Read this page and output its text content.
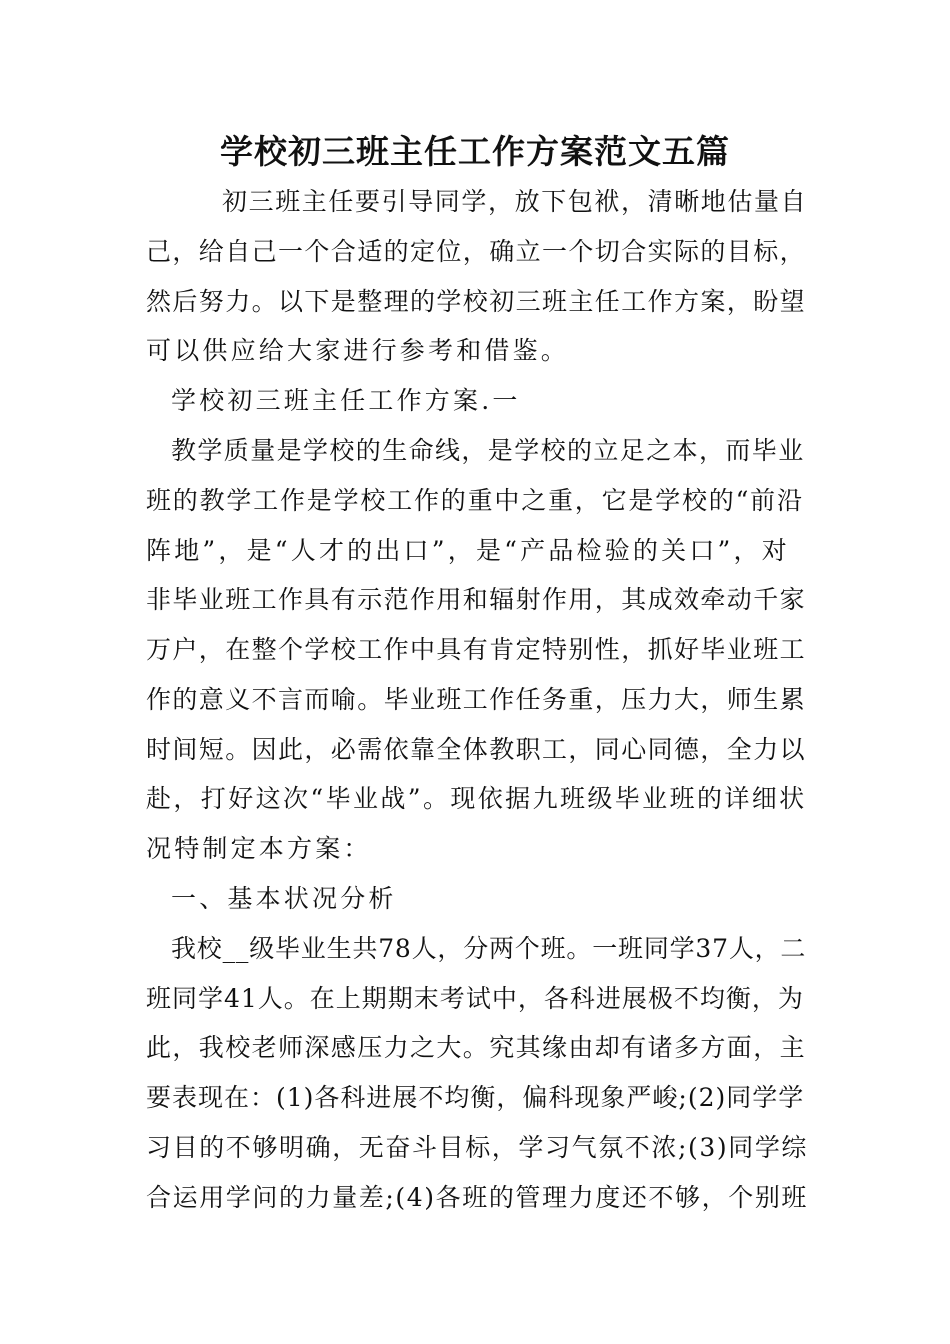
学校初三班主任工作方案范文五篇
初三班主任要引导同学，放下包袱，清晰地估量自
己，给自己一个合适的定位，确立一个切合实际的目标，
然后努力。以下是整理的学校初三班主任工作方案，盼望
可以供应给大家进行参考和借鉴。
学校初三班主任工作方案.一
教学质量是学校的生命线，是学校的立足之本，而毕业
班的教学工作是学校工作的重中之重，它是学校的“前沿
阵地”，是“人才的出口”，是“产品检验的关口”，对
非毕业班工作具有示范作用和辐射作用，其成效牵动千家
万户，在整个学校工作中具有肯定特别性，抓好毕业班工
作的意义不言而喻。毕业班工作任务重，压力大，师生累
时间短。因此，必需依靠全体教职工，同心同德，全力以
赴，打好这次“毕业战”。现依据九班级毕业班的详细状
况特制定本方案：
一、基本状况分析
我校__级毕业生共78人，分两个班。一班同学37人，二
班同学41人。在上期期末考试中，各科进展极不均衡，为
此，我校老师深感压力之大。究其缘由却有诸多方面，主
要表现在：(1)各科进展不均衡，偏科现象严峻;(2)同学学
习目的不够明确，无奋斗目标，学习气氛不浓;(3)同学综
合运用学问的力量差;(4)各班的管理力度还不够，个别班
